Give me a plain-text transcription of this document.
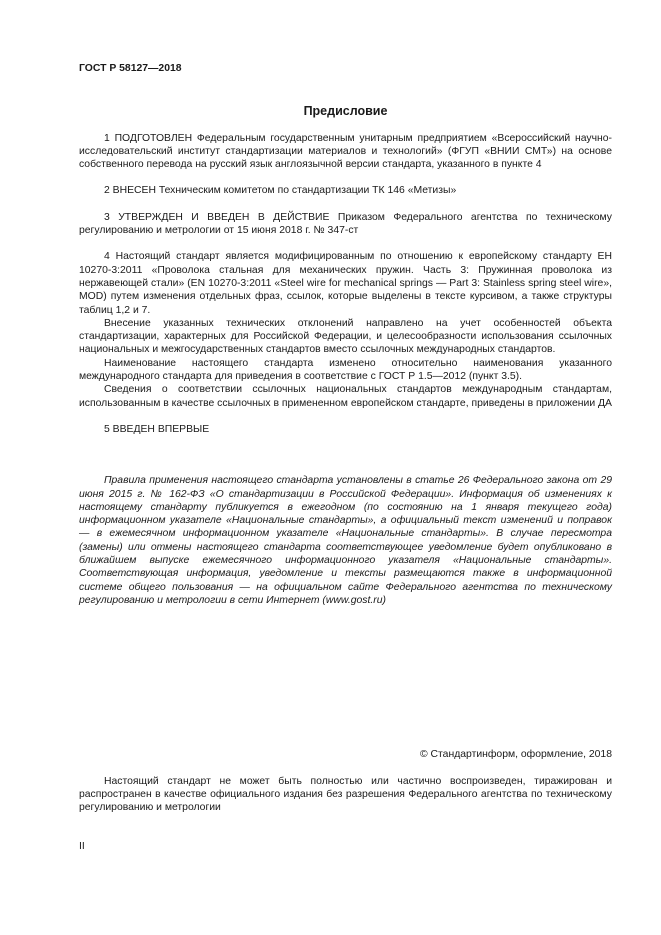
ГОСТ Р 58127—2018
Предисловие

1 ПОДГОТОВЛЕН Федеральным государственным унитарным предприятием «Всероссийский научно-исследовательский институт стандартизации материалов и технологий» (ФГУП «ВНИИ СМТ») на основе собственного перевода на русский язык англоязычной версии стандарта, указанного в пункте 4

2 ВНЕСЕН Техническим комитетом по стандартизации ТК 146 «Метизы»

3 УТВЕРЖДЕН И ВВЕДЕН В ДЕЙСТВИЕ Приказом Федерального агентства по техническому регулированию и метрологии от 15 июня 2018 г. № 347-ст

4 Настоящий стандарт является модифицированным по отношению к европейскому стандарту ЕН 10270-3:2011 «Проволока стальная для механических пружин. Часть 3: Пружинная проволока из нержавеющей стали» (EN 10270-3:2011 «Steel wire for mechanical springs — Part 3: Stainless spring steel wire», MOD) путем изменения отдельных фраз, ссылок, которые выделены в тексте курсивом, а также структуры таблиц 1,2 и 7.

Внесение указанных технических отклонений направлено на учет особенностей объекта стандартизации, характерных для Российской Федерации, и целесообразности использования ссылочных национальных и межгосударственных стандартов вместо ссылочных международных стандартов.

Наименование настоящего стандарта изменено относительно наименования указанного международного стандарта для приведения в соответствие с ГОСТ Р 1.5—2012 (пункт 3.5).

Сведения о соответствии ссылочных национальных стандартов международным стандартам, использованным в качестве ссылочных в примененном европейском стандарте, приведены в приложении ДА

5 ВВЕДЕН ВПЕРВЫЕ

Правила применения настоящего стандарта установлены в статье 26 Федерального закона от 29 июня 2015 г. № 162-ФЗ «О стандартизации в Российской Федерации». Информация об изменениях к настоящему стандарту публикуется в ежегодном (по состоянию на 1 января текущего года) информационном указателе «Национальные стандарты», а официальный текст изменений и поправок — в ежемесячном информационном указателе «Национальные стандарты». В случае пересмотра (замены) или отмены настоящего стандарта соответствующее уведомление будет опубликовано в ближайшем выпуске ежемесячного информационного указателя «Национальные стандарты». Соответствующая информация, уведомление и тексты размещаются также в информационной системе общего пользования — на официальном сайте Федерального агентства по техническому регулированию и метрологии в сети Интернет (www.gost.ru)

© Стандартинформ, оформление, 2018

Настоящий стандарт не может быть полностью или частично воспроизведен, тиражирован и распространен в качестве официального издания без разрешения Федерального агентства по техническому регулированию и метрологии

II
